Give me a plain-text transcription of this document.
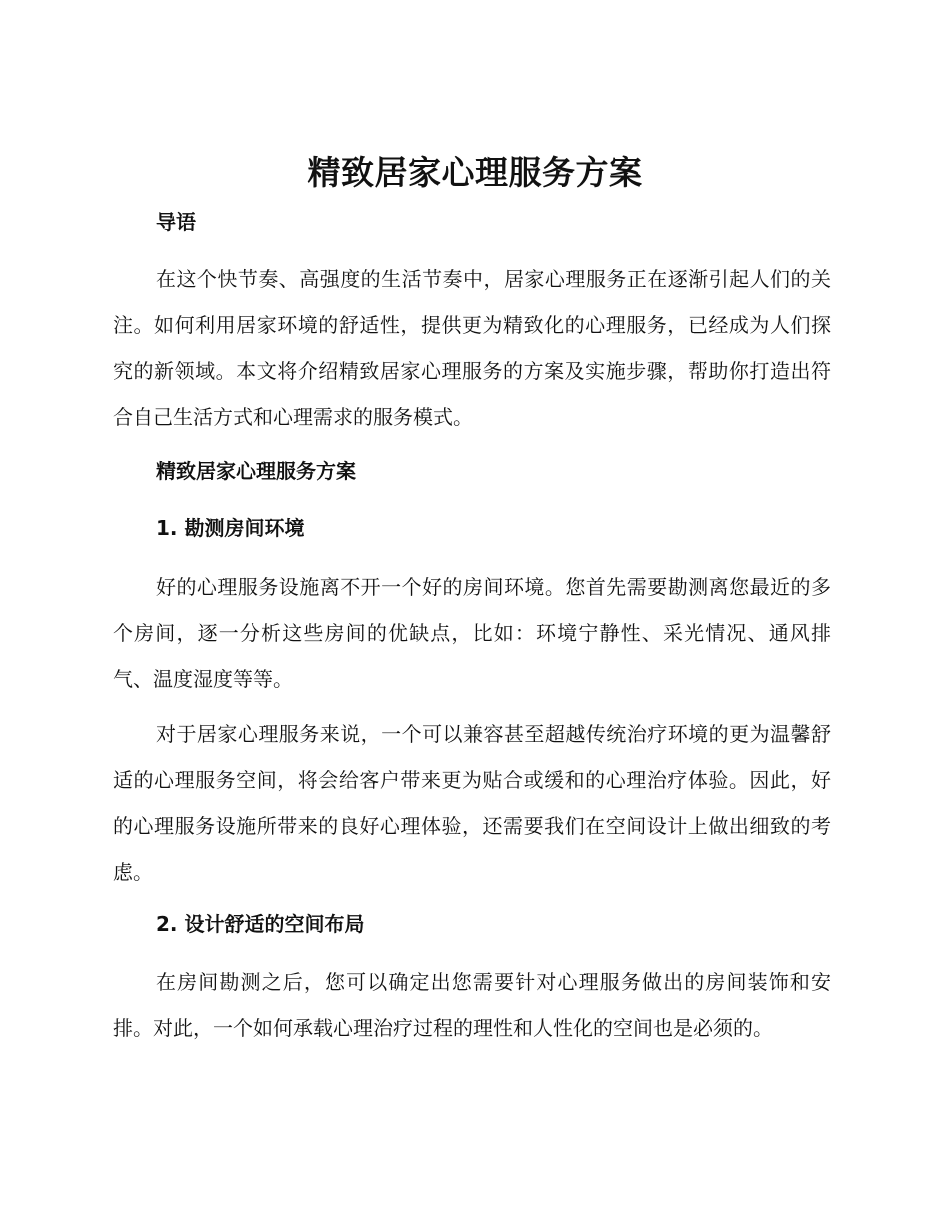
精致居家心理服务方案
导语

在这个快节奏、高强度的生活节奏中，居家心理服务正在逐渐引起人们的关注。如何利用居家环境的舒适性，提供更为精致化的心理服务，已经成为人们探究的新领域。本文将介绍精致居家心理服务的方案及实施步骤，帮助你打造出符合自己生活方式和心理需求的服务模式。

精致居家心理服务方案
1. 勘测房间环境

好的心理服务设施离不开一个好的房间环境。您首先需要勘测离您最近的多个房间，逐一分析这些房间的优缺点，比如：环境宁静性、采光情况、通风排气、温度湿度等等。

对于居家心理服务来说，一个可以兼容甚至超越传统治疗环境的更为温馨舒适的心理服务空间，将会给客户带来更为贴合或缓和的心理治疗体验。因此，好的心理服务设施所带来的良好心理体验，还需要我们在空间设计上做出细致的考虑。

2. 设计舒适的空间布局

在房间勘测之后，您可以确定出您需要针对心理服务做出的房间装饰和安排。对此，一个如何承载心理治疗过程的理性和人性化的空间也是必须的。
